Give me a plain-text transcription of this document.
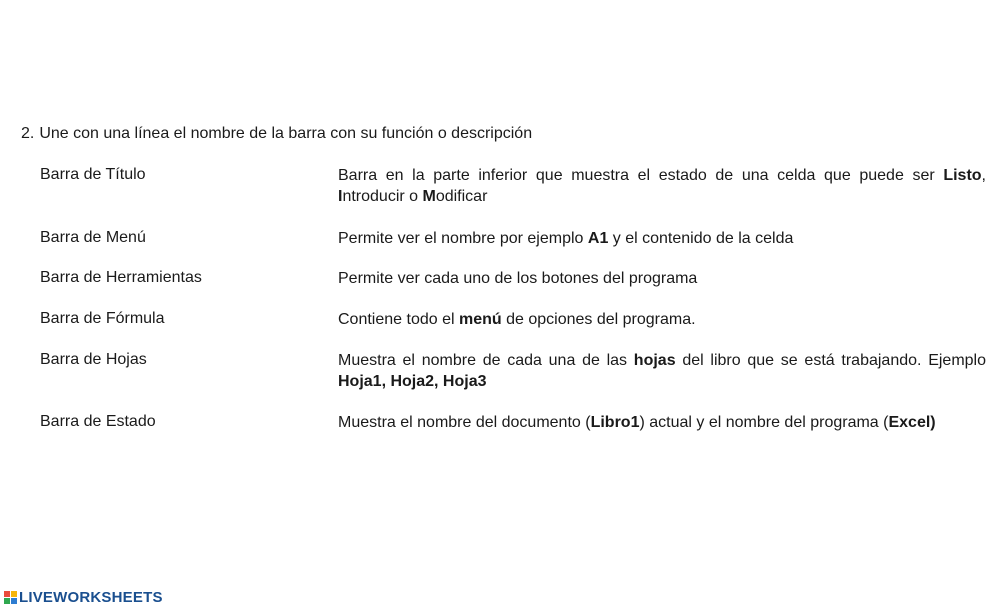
2. Une con una línea el nombre de la barra con su función o descripción
Barra de Título
Barra de Menú
Barra de Herramientas
Barra de Fórmula
Barra de Hojas
Barra de Estado
Barra en la parte inferior que muestra el estado de una celda que puede ser Listo, Introducir o Modificar
Permite ver el nombre por ejemplo A1 y el contenido de la celda
Permite ver cada uno de los botones del programa
Contiene todo el menú de opciones del programa.
Muestra el nombre de cada una de las hojas del libro que se está trabajando. Ejemplo Hoja1, Hoja2, Hoja3
Muestra el nombre del documento (Libro1) actual y el nombre del programa (Excel)
LIVEWORKSHEETS
